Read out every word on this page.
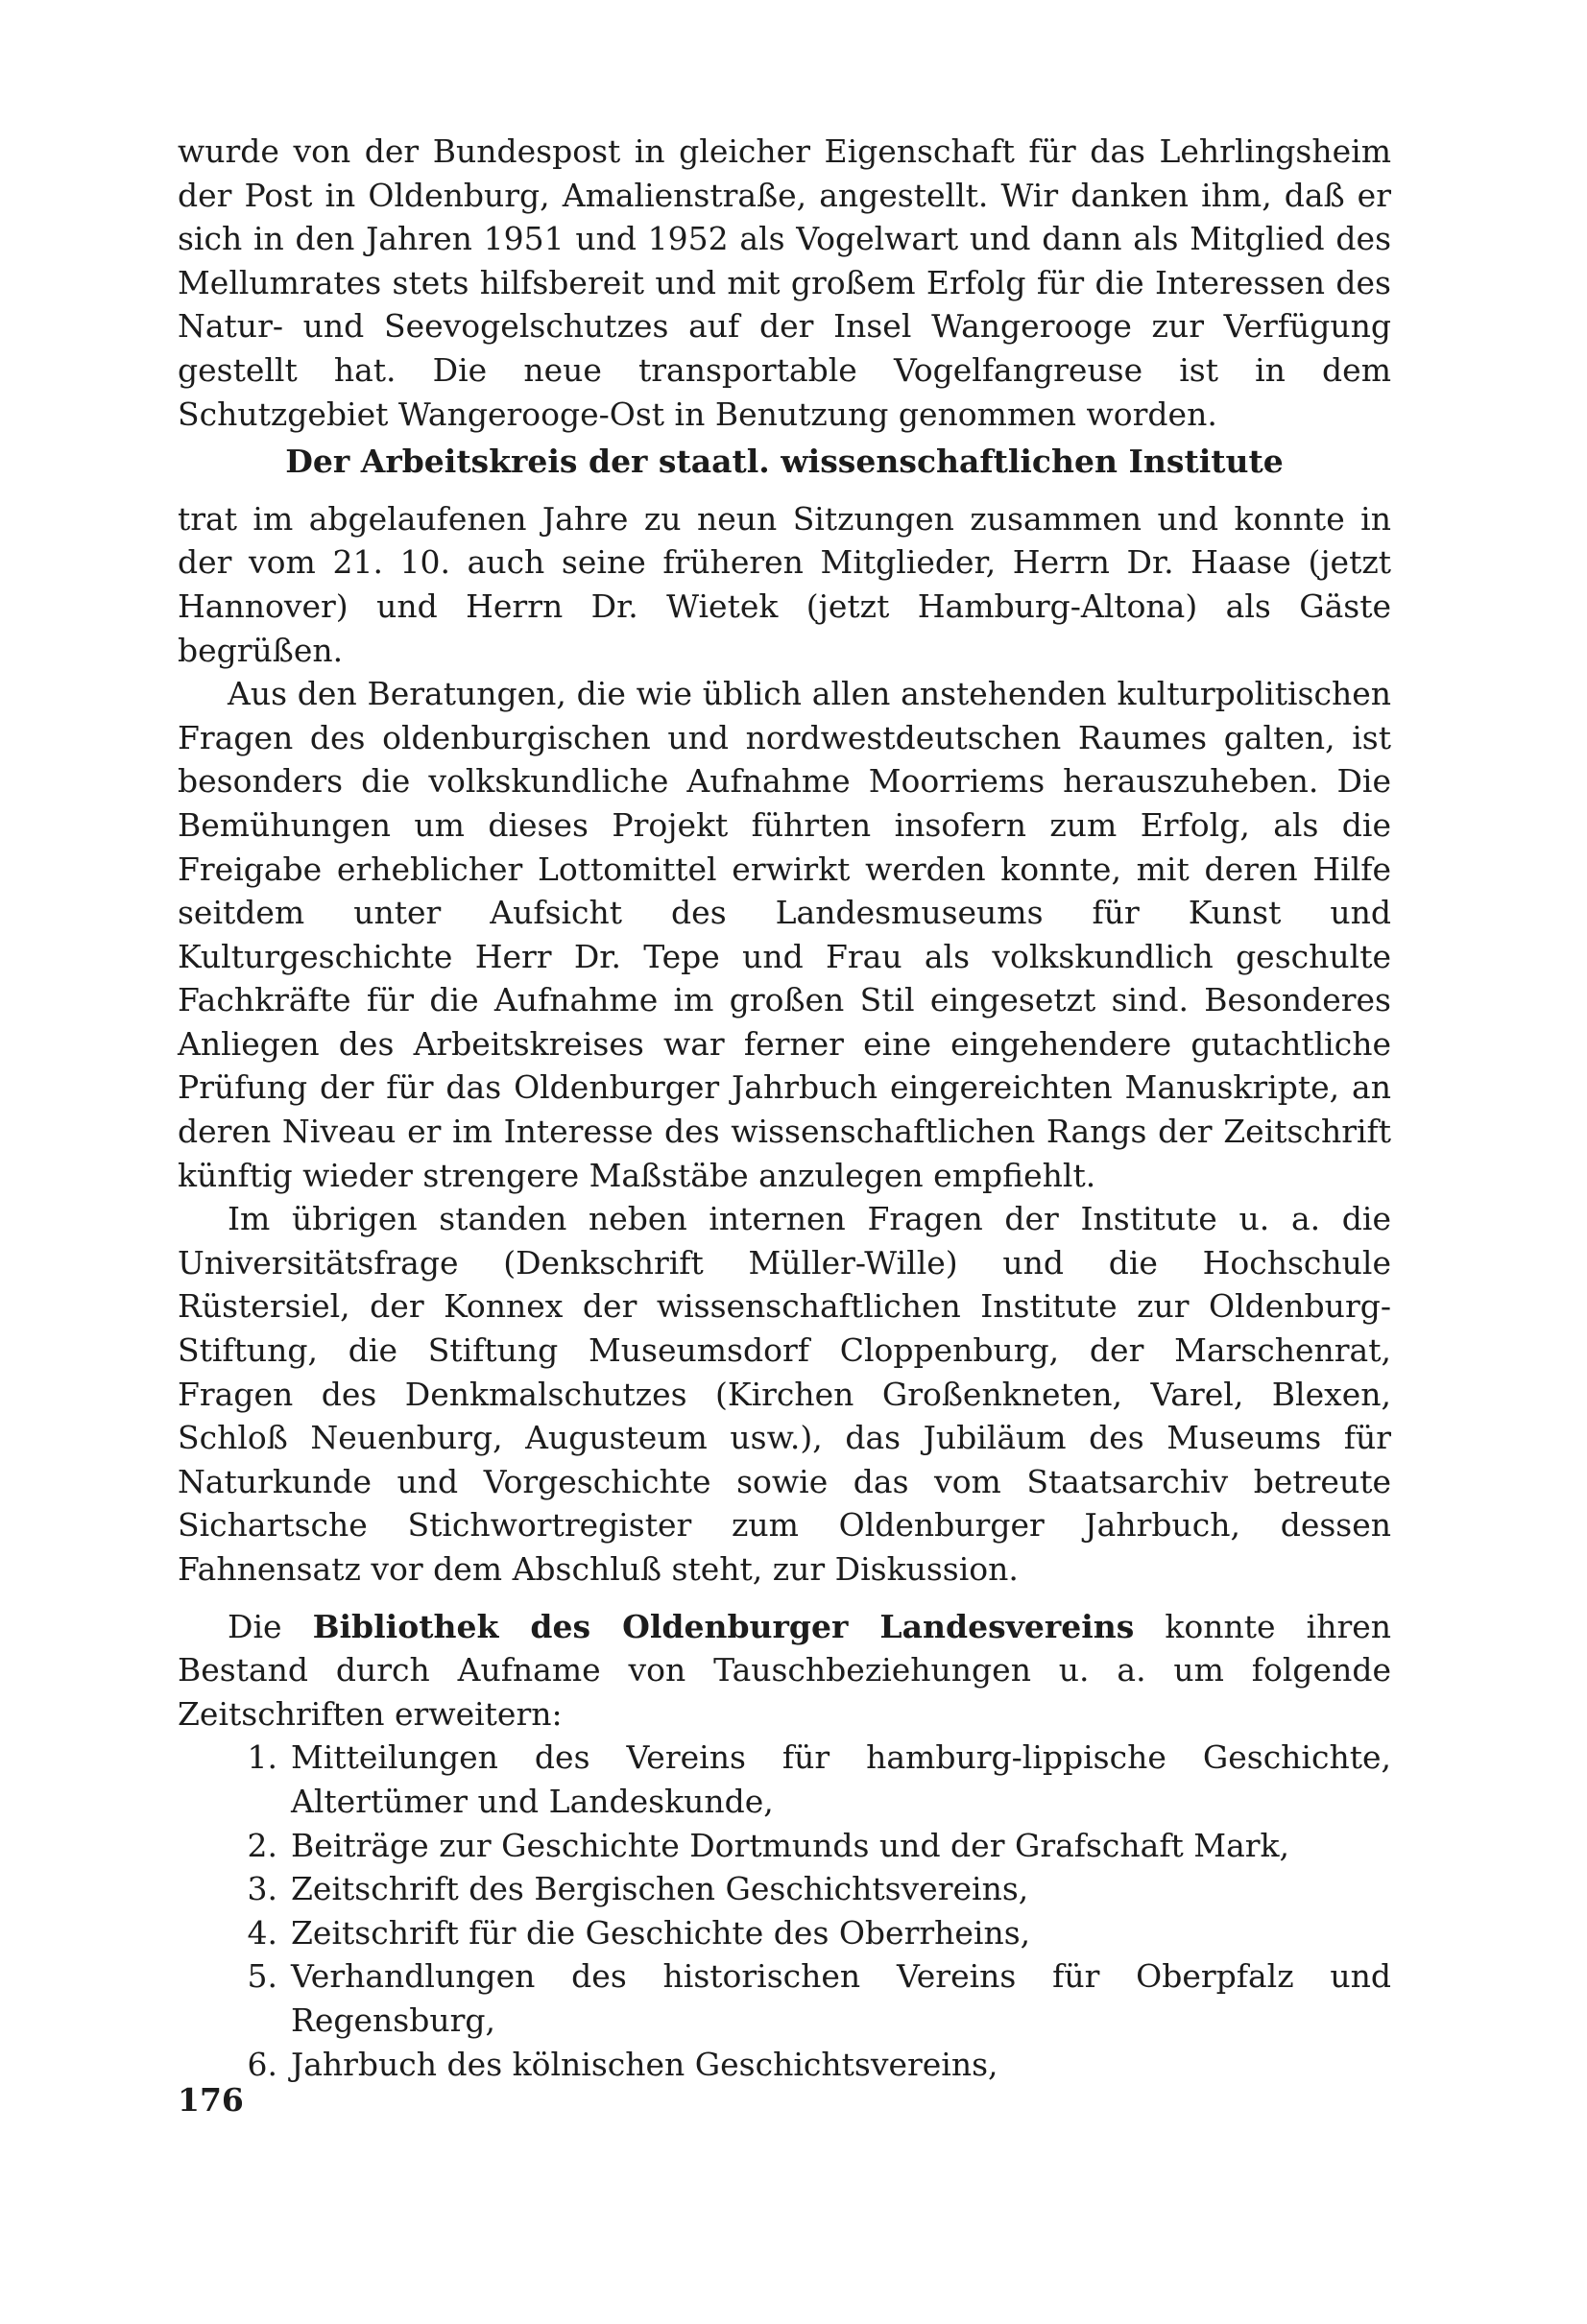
wurde von der Bundespost in gleicher Eigenschaft für das Lehrlingsheim der Post in Oldenburg, Amalienstraße, angestellt. Wir danken ihm, daß er sich in den Jahren 1951 und 1952 als Vogelwart und dann als Mitglied des Mellumrates stets hilfsbereit und mit großem Erfolg für die Interessen des Natur- und Seevogelschutzes auf der Insel Wangerooge zur Verfügung gestellt hat. Die neue transportable Vogelfangreuse ist in dem Schutzgebiet Wangerooge-Ost in Benutzung genommen worden.

Der Arbeitskreis der staatl. wissenschaftlichen Institute

trat im abgelaufenen Jahre zu neun Sitzungen zusammen und konnte in der vom 21. 10. auch seine früheren Mitglieder, Herrn Dr. Haase (jetzt Hannover) und Herrn Dr. Wietek (jetzt Hamburg-Altona) als Gäste begrüßen.

Aus den Beratungen, die wie üblich allen anstehenden kulturpolitischen Fragen des oldenburgischen und nordwestdeutschen Raumes galten, ist besonders die volkskundliche Aufnahme Moorriems herauszuheben. Die Bemühungen um dieses Projekt führten insofern zum Erfolg, als die Freigabe erheblicher Lottomittel erwirkt werden konnte, mit deren Hilfe seitdem unter Aufsicht des Landesmuseums für Kunst und Kulturgeschichte Herr Dr. Tepe und Frau als volkskundlich geschulte Fachkräfte für die Aufnahme im großen Stil eingesetzt sind. Besonderes Anliegen des Arbeitskreises war ferner eine eingehendere gutachtliche Prüfung der für das Oldenburger Jahrbuch eingereichten Manuskripte, an deren Niveau er im Interesse des wissenschaftlichen Rangs der Zeitschrift künftig wieder strengere Maßstäbe anzulegen empfiehlt.

Im übrigen standen neben internen Fragen der Institute u. a. die Universitätsfrage (Denkschrift Müller-Wille) und die Hochschule Rüstersiel, der Konnex der wissenschaftlichen Institute zur Oldenburg-Stiftung, die Stiftung Museumsdorf Cloppenburg, der Marschenrat, Fragen des Denkmalschutzes (Kirchen Großenkneten, Varel, Blexen, Schloß Neuenburg, Augusteum usw.), das Jubiläum des Museums für Naturkunde und Vorgeschichte sowie das vom Staatsarchiv betreute Sichartsche Stichwortregister zum Oldenburger Jahrbuch, dessen Fahnensatz vor dem Abschluß steht, zur Diskussion.

Die Bibliothek des Oldenburger Landesvereins konnte ihren Bestand durch Aufname von Tauschbeziehungen u. a. um folgende Zeitschriften erweitern:

1. Mitteilungen des Vereins für hamburg-lippische Geschichte, Altertümer und Landeskunde,
2. Beiträge zur Geschichte Dortmunds und der Grafschaft Mark,
3. Zeitschrift des Bergischen Geschichtsvereins,
4. Zeitschrift für die Geschichte des Oberrheins,
5. Verhandlungen des historischen Vereins für Oberpfalz und Regensburg,
6. Jahrbuch des kölnischen Geschichtsvereins,
176
